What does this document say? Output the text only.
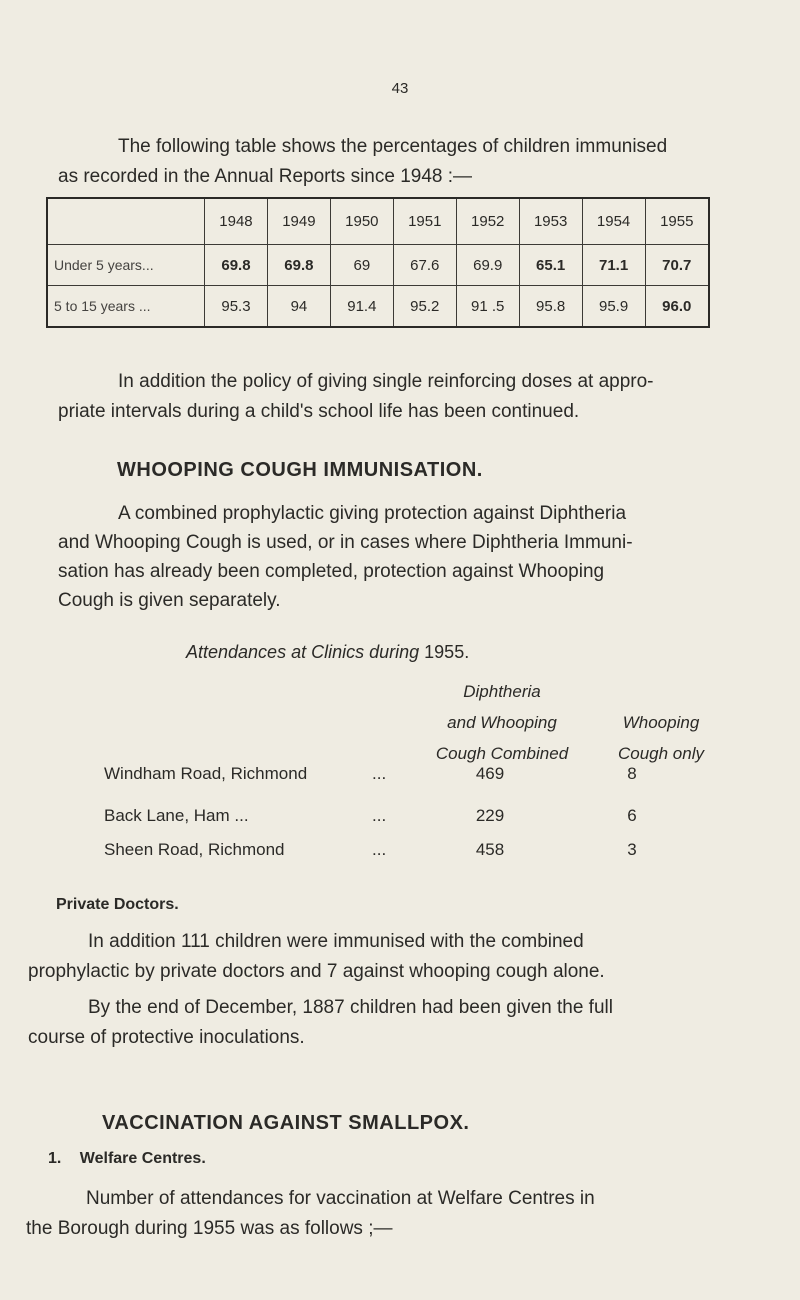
43
The following table shows the percentages of children immunised
as recorded in the Annual Reports since 1948 :—
	1948	1949	1950	1951	1952	1953	1954	1955
Under 5 years...	69.8	69.8	69	67.6	69.9	65.1	71.1	70.7
5 to 15 years ...	95.3	94	91.4	95.2	91 .5	95.8	95.9	96.0
In addition the policy of giving single reinforcing doses at appro-
priate intervals during a child's school life has been continued.
WHOOPING COUGH IMMUNISATION.
A combined prophylactic giving protection against Diphtheria
and Whooping Cough is used, or in cases where Diphtheria Immuni-
sation has already been completed, protection against Whooping
Cough is given separately.
Attendances at Clinics during 1955.
Diphtheria
and Whooping
Cough Combined
Whooping
Cough only
Windham Road, Richmond	...	469	8
Back Lane, Ham ...	...	229	6
Sheen Road, Richmond	...	458	3
Private Doctors.
In addition 111 children were immunised with the combined
prophylactic by private doctors and 7 against whooping cough alone.
By the end of December, 1887 children had been given the full
course of protective inoculations.
VACCINATION AGAINST SMALLPOX.
1. Welfare Centres.
Number of attendances for vaccination at Welfare Centres in
the Borough during 1955 was as follows ;—
